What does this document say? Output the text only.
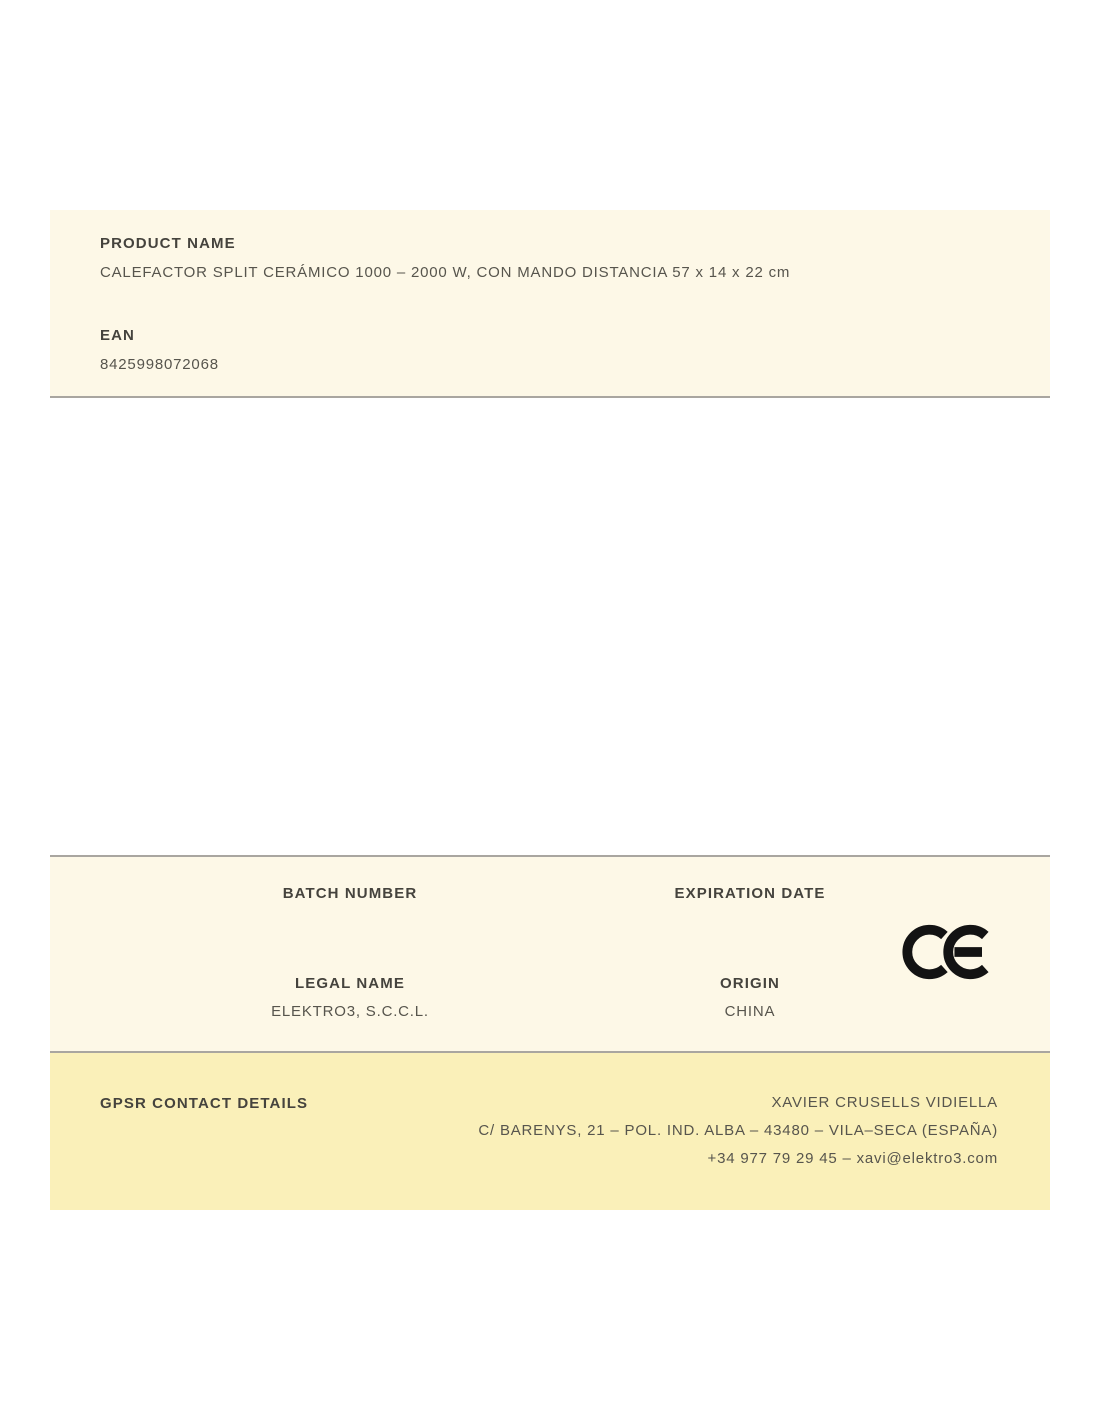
PRODUCT NAME
CALEFACTOR SPLIT CERÁMICO 1000 – 2000 W, CON MANDO DISTANCIA 57 x 14 x 22 cm
EAN
8425998072068
BATCH NUMBER
LEGAL NAME
ELEKTRO3, S.C.C.L.
EXPIRATION DATE
ORIGIN
CHINA
GPSR CONTACT DETAILS	XAVIER CRUSELLS VIDIELLA
C/ BARENYS, 21 – POL. IND. ALBA – 43480 – VILA–SECA (ESPAÑA)
+34 977 79 29 45 – xavi@elektro3.com
